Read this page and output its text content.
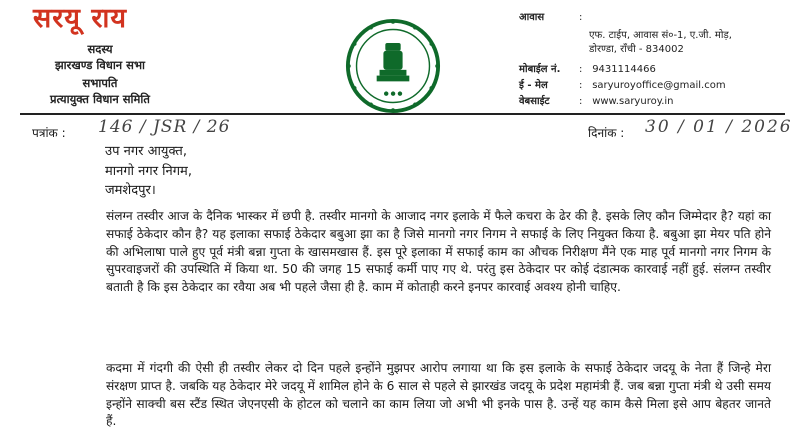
सरयू राय
सदस्य
झारखण्ड विधान सभा
सभापति
प्रत्यायुक्त विधान समिति	● ● ●
आवास	:
एफ. टाईप, आवास सं०-1, ए.जी. मोड़,
डोरण्डा, राँची - 834002
मोबाईल नं. : 9431114466
ई - मेल	: saryuroyoffice@gmail.com
वेबसाईट	: www.saryuroy.in
पत्रांक : 146 / JSR / 26	दिनांक : 30 / 01 / 2026
उप नगर आयुक्त,
मानगो नगर निगम,
जमशेदपुर।
संलग्न तस्वीर आज के दैनिक भास्कर में छपी है. तस्वीर मानगो के आजाद नगर इलाके में फैले कचरा के ढेर की है. इसके लिए कौन जिम्मेदार है? यहां का सफाई ठेकेदार कौन है? यह इलाका सफाई ठेकेदार बबुआ झा का है जिसे मानगो नगर निगम ने सफाई के लिए नियुक्त किया है. बबुआ झा मेयर पति होने की अभिलाषा पाले हुए पूर्व मंत्री बन्ना गुप्ता के खासमखास हैं. इस पूरे इलाका में सफाई काम का औचक निरीक्षण मैंने एक माह पूर्व मानगो नगर निगम के सुपरवाइजरों की उपस्थिति में किया था. 50 की जगह 15 सफाई कर्मी पाए गए थे. परंतु इस ठेकेदार पर कोई दंडात्मक कारवाई नहीं हुई. संलग्न तस्वीर बताती है कि इस ठेकेदार का रवैया अब भी पहले जैसा ही है. काम में कोताही करने इनपर कारवाई अवश्य होनी चाहिए.
कदमा में गंदगी की ऐसी ही तस्वीर लेकर दो दिन पहले इन्होंने मुझपर आरोप लगाया था कि इस इलाके के सफाई ठेकेदार जदयू के नेता हैं जिन्हे मेरा संरक्षण प्राप्त है. जबकि यह ठेकेदार मेरे जदयू में शामिल होने के 6 साल से पहले से झारखंड जदयू के प्रदेश महामंत्री हैं. जब बन्ना गुप्ता मंत्री थे उसी समय इन्होंने साक्ची बस स्टैंड स्थित जेएनएसी के होटल को चलाने का काम लिया जो अभी भी इनके पास है. उन्हें यह काम कैसे मिला इसे आप बेहतर जानते हैं.
